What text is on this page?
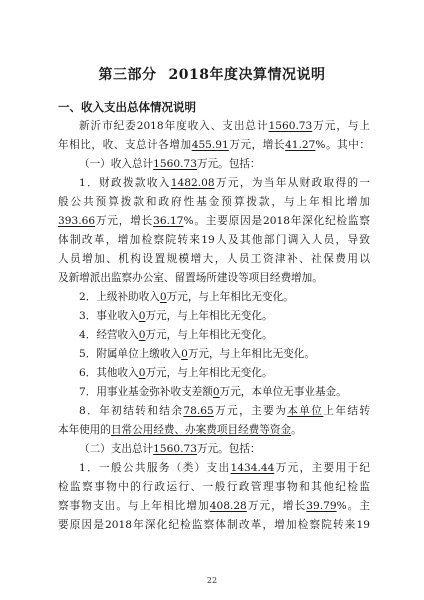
第三部分 2018年度决算情况说明
一、收入支出总体情况说明
新沂市纪委2018年度收入、支出总计1560.73万元，与上
年相比，收、支总计各增加455.91万元，增长41.27%。其中：
（一）收入总计1560.73万元。包括：
1．财政拨款收入1482.08万元，为当年从财政取得的一
般公共预算拨款和政府性基金预算拨款，与上年相比增加
393.66万元，增长36.17%。主要原因是2018年深化纪检监察
体制改革，增加检察院转来19人及其他部门调入人员，导致
人员增加、机构设置规模增大，人员工资津补、社保费用以
及新增派出监察办公室、留置场所建设等项目经费增加。
2．上级补助收入0万元，与上年相比无变化。
3．事业收入0万元，与上年相比无变化。
4．经营收入0万元，与上年相比无变化。
5．附属单位上缴收入0万元，与上年相比无变化。
6．其他收入0万元，与上年相比无变化。
7．用事业基金弥补收支差额0万元，本单位无事业基金。
8．年初结转和结余78.65万元，主要为本单位上年结转
本年使用的日常公用经费、办案费项目经费等资金。
（二）支出总计1560.73万元。包括：
1．一般公共服务（类）支出1434.44万元，主要用于纪
检监察事物中的行政运行、一般行政管理事物和其他纪检监
察事物支出。与上年相比增加408.28万元，增长39.79%。主
要原因是2018年深化纪检监察体制改革，增加检察院转来19
22
